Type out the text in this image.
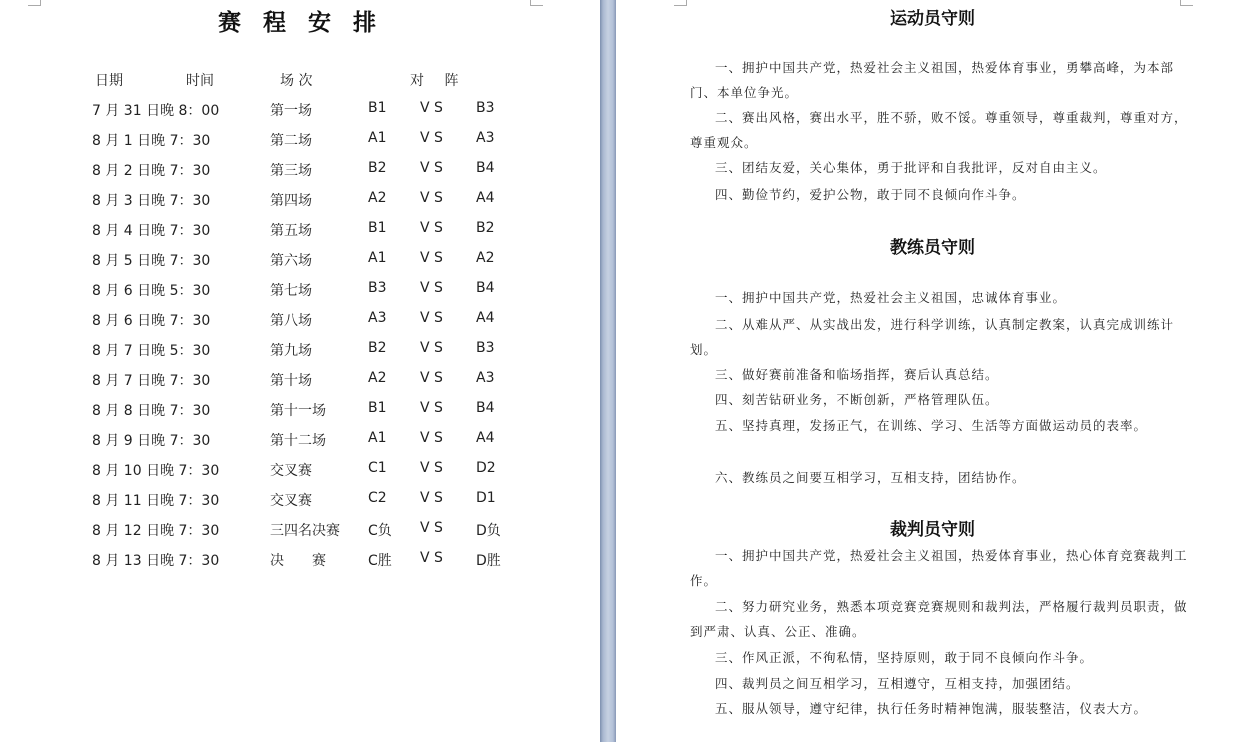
赛 程 安 排
日期	时间	场 次	对 阵
7 月 31 日晚 8：00	第一场	B1 V S B3
8 月 1 日晚 7：30	第二场	A1 V S A3
8 月 2 日晚 7：30	第三场	B2 V S B4
8 月 3 日晚 7：30	第四场	A2 V S A4
8 月 4 日晚 7：30	第五场	B1 V S B2
8 月 5 日晚 7：30	第六场	A1 V S A2
8 月 6 日晚 5：30	第七场	B3 V S B4
8 月 6 日晚 7：30	第八场	A3 V S A4
8 月 7 日晚 5：30	第九场	B2 V S B3
8 月 7 日晚 7：30	第十场	A2 V S A3
8 月 8 日晚 7：30	第十一场	B1 V S B4
8 月 9 日晚 7：30	第十二场	A1 V S A4
8 月 10 日晚 7：30	交叉赛	C1 V S D2
8 月 11 日晚 7：30	交叉赛	C2 V S D1
8 月 12 日晚 7：30	三四名决赛 C负 V S D负
8 月 13 日晚 7：30	决　　赛	C胜 V S D胜
运动员守则

一、拥护中国共产党，热爱社会主义祖国，热爱体育事业，勇攀高峰，为本部门、本单位争光。

二、赛出风格，赛出水平，胜不骄，败不馁。尊重领导，尊重裁判，尊重对方，尊重观众。

三、团结友爱，关心集体，勇于批评和自我批评，反对自由主义。

四、勤俭节约，爱护公物，敢于同不良倾向作斗争。

教练员守则

一、拥护中国共产党，热爱社会主义祖国，忠诚体育事业。

二、从难从严、从实战出发，进行科学训练，认真制定教案，认真完成训练计划。

三、做好赛前准备和临场指挥，赛后认真总结。

四、刻苦钻研业务，不断创新，严格管理队伍。

五、坚持真理，发扬正气，在训练、学习、生活等方面做运动员的表率。

六、教练员之间要互相学习，互相支持，团结协作。

裁判员守则

一、拥护中国共产党，热爱社会主义祖国，热爱体育事业，热心体育竞赛裁判工作。

二、努力研究业务，熟悉本项竞赛竞赛规则和裁判法，严格履行裁判员职责，做到严肃、认真、公正、准确。

三、作风正派，不徇私情，坚持原则，敢于同不良倾向作斗争。

四、裁判员之间互相学习，互相遵守，互相支持，加强团结。

五、服从领导，遵守纪律，执行任务时精神饱满，服装整洁，仪表大方。
